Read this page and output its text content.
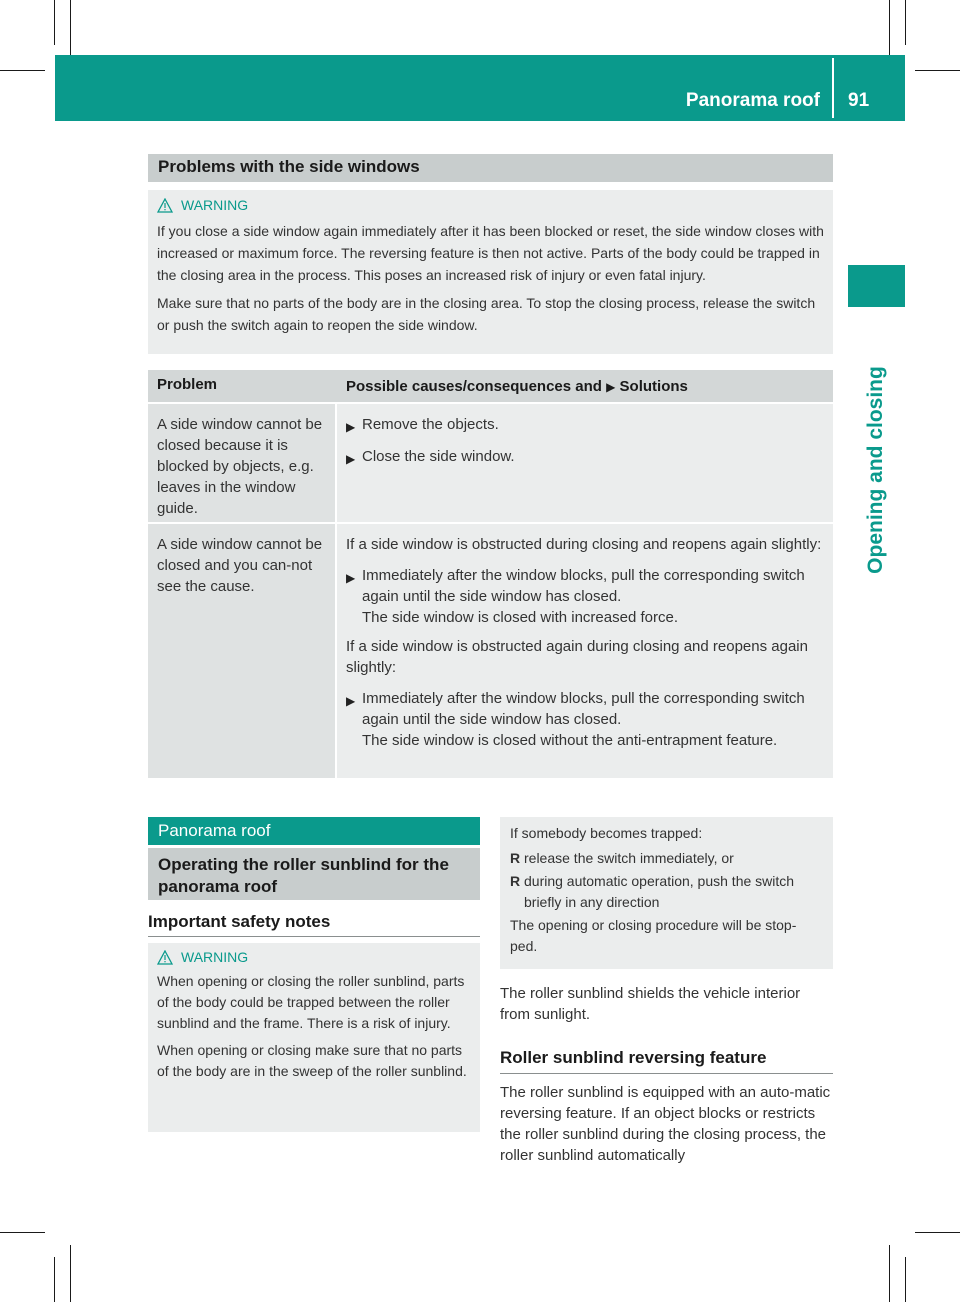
Panorama roof 91
Opening and closing
Problems with the side windows
WARNING

If you close a side window again immediately after it has been blocked or reset, the side window closes with increased or maximum force. The reversing feature is then not active. Parts of the body could be trapped in the closing area in the process. This poses an increased risk of injury or even fatal injury.

Make sure that no parts of the body are in the closing area. To stop the closing process, release the switch or push the switch again to reopen the side window.

Problem	Possible causes/consequences and ▶ Solutions
A side window cannot be closed because it is blocked by objects, e.g. leaves in the window guide.
▶ Remove the objects.
▶ Close the side window.
A side window cannot be closed and you can-not see the cause.

If a side window is obstructed during closing and reopens again slightly:

▶ Immediately after the window blocks, pull the corresponding switch again until the side window has closed.
The side window is closed with increased force.

If a side window is obstructed again during closing and reopens again slightly:

▶ Immediately after the window blocks, pull the corresponding switch again until the side window has closed.
The side window is closed without the anti-entrapment feature.
Panorama roof
Operating the roller sunblind for the panorama roof
Important safety notes
WARNING

When opening or closing the roller sunblind, parts of the body could be trapped between the roller sunblind and the frame. There is a risk of injury.

When opening or closing make sure that no parts of the body are in the sweep of the roller sunblind.

If somebody becomes trapped:

R release the switch immediately, or
R during automatic operation, push the switch briefly in any direction

The opening or closing procedure will be stop-ped.

The roller sunblind shields the vehicle interior from sunlight.
Roller sunblind reversing feature
The roller sunblind is equipped with an auto-matic reversing feature. If an object blocks or restricts the roller sunblind during the closing process, the roller sunblind automatically
